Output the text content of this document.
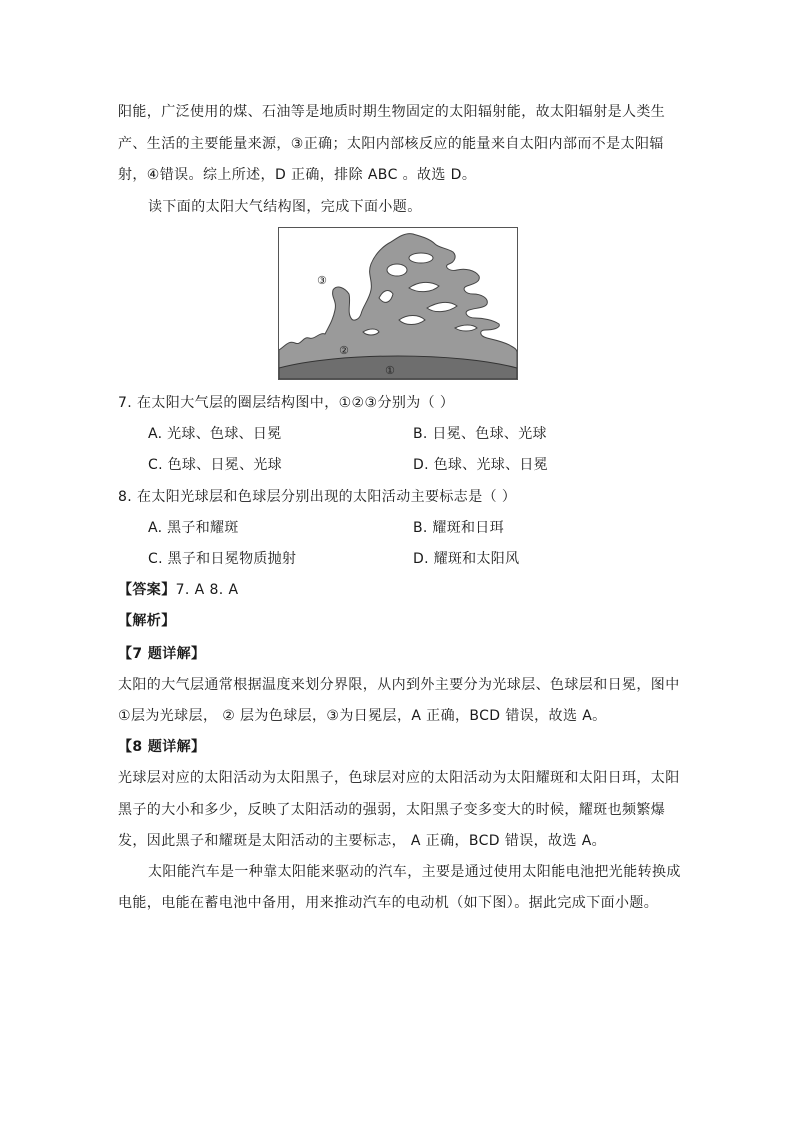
阳能，广泛使用的煤、石油等是地质时期生物固定的太阳辐射能，故太阳辐射是人类生
产、生活的主要能量来源，③正确；太阳内部核反应的能量来自太阳内部而不是太阳辐
射，④错误。综上所述，D 正确，排除 ABC 。故选 D。
读下面的太阳大气结构图，完成下面小题。
③
②
①
7. 在太阳大气层的圈层结构图中，①②③分别为（ ）
A. 光球、色球、日冕	B. 日冕、色球、光球
C. 色球、日冕、光球	D. 色球、光球、日冕
8. 在太阳光球层和色球层分别出现的太阳活动主要标志是（ ）
A. 黑子和耀斑	B. 耀斑和日珥
C. 黑子和日冕物质抛射	D. 耀斑和太阳风
【答案】7. A 8. A
【解析】
【7 题详解】
太阳的大气层通常根据温度来划分界限，从内到外主要分为光球层、色球层和日冕，图中
①层为光球层， ② 层为色球层，③为日冕层，A 正确，BCD 错误，故选 A。
【8 题详解】
光球层对应的太阳活动为太阳黑子，色球层对应的太阳活动为太阳耀斑和太阳日珥，太阳
黑子的大小和多少，反映了太阳活动的强弱，太阳黑子变多变大的时候，耀斑也频繁爆
发，因此黑子和耀斑是太阳活动的主要标志， A 正确，BCD 错误，故选 A。
太阳能汽车是一种靠太阳能来驱动的汽车，主要是通过使用太阳能电池把光能转换成
电能，电能在蓄电池中备用，用来推动汽车的电动机（如下图）。据此完成下面小题。
